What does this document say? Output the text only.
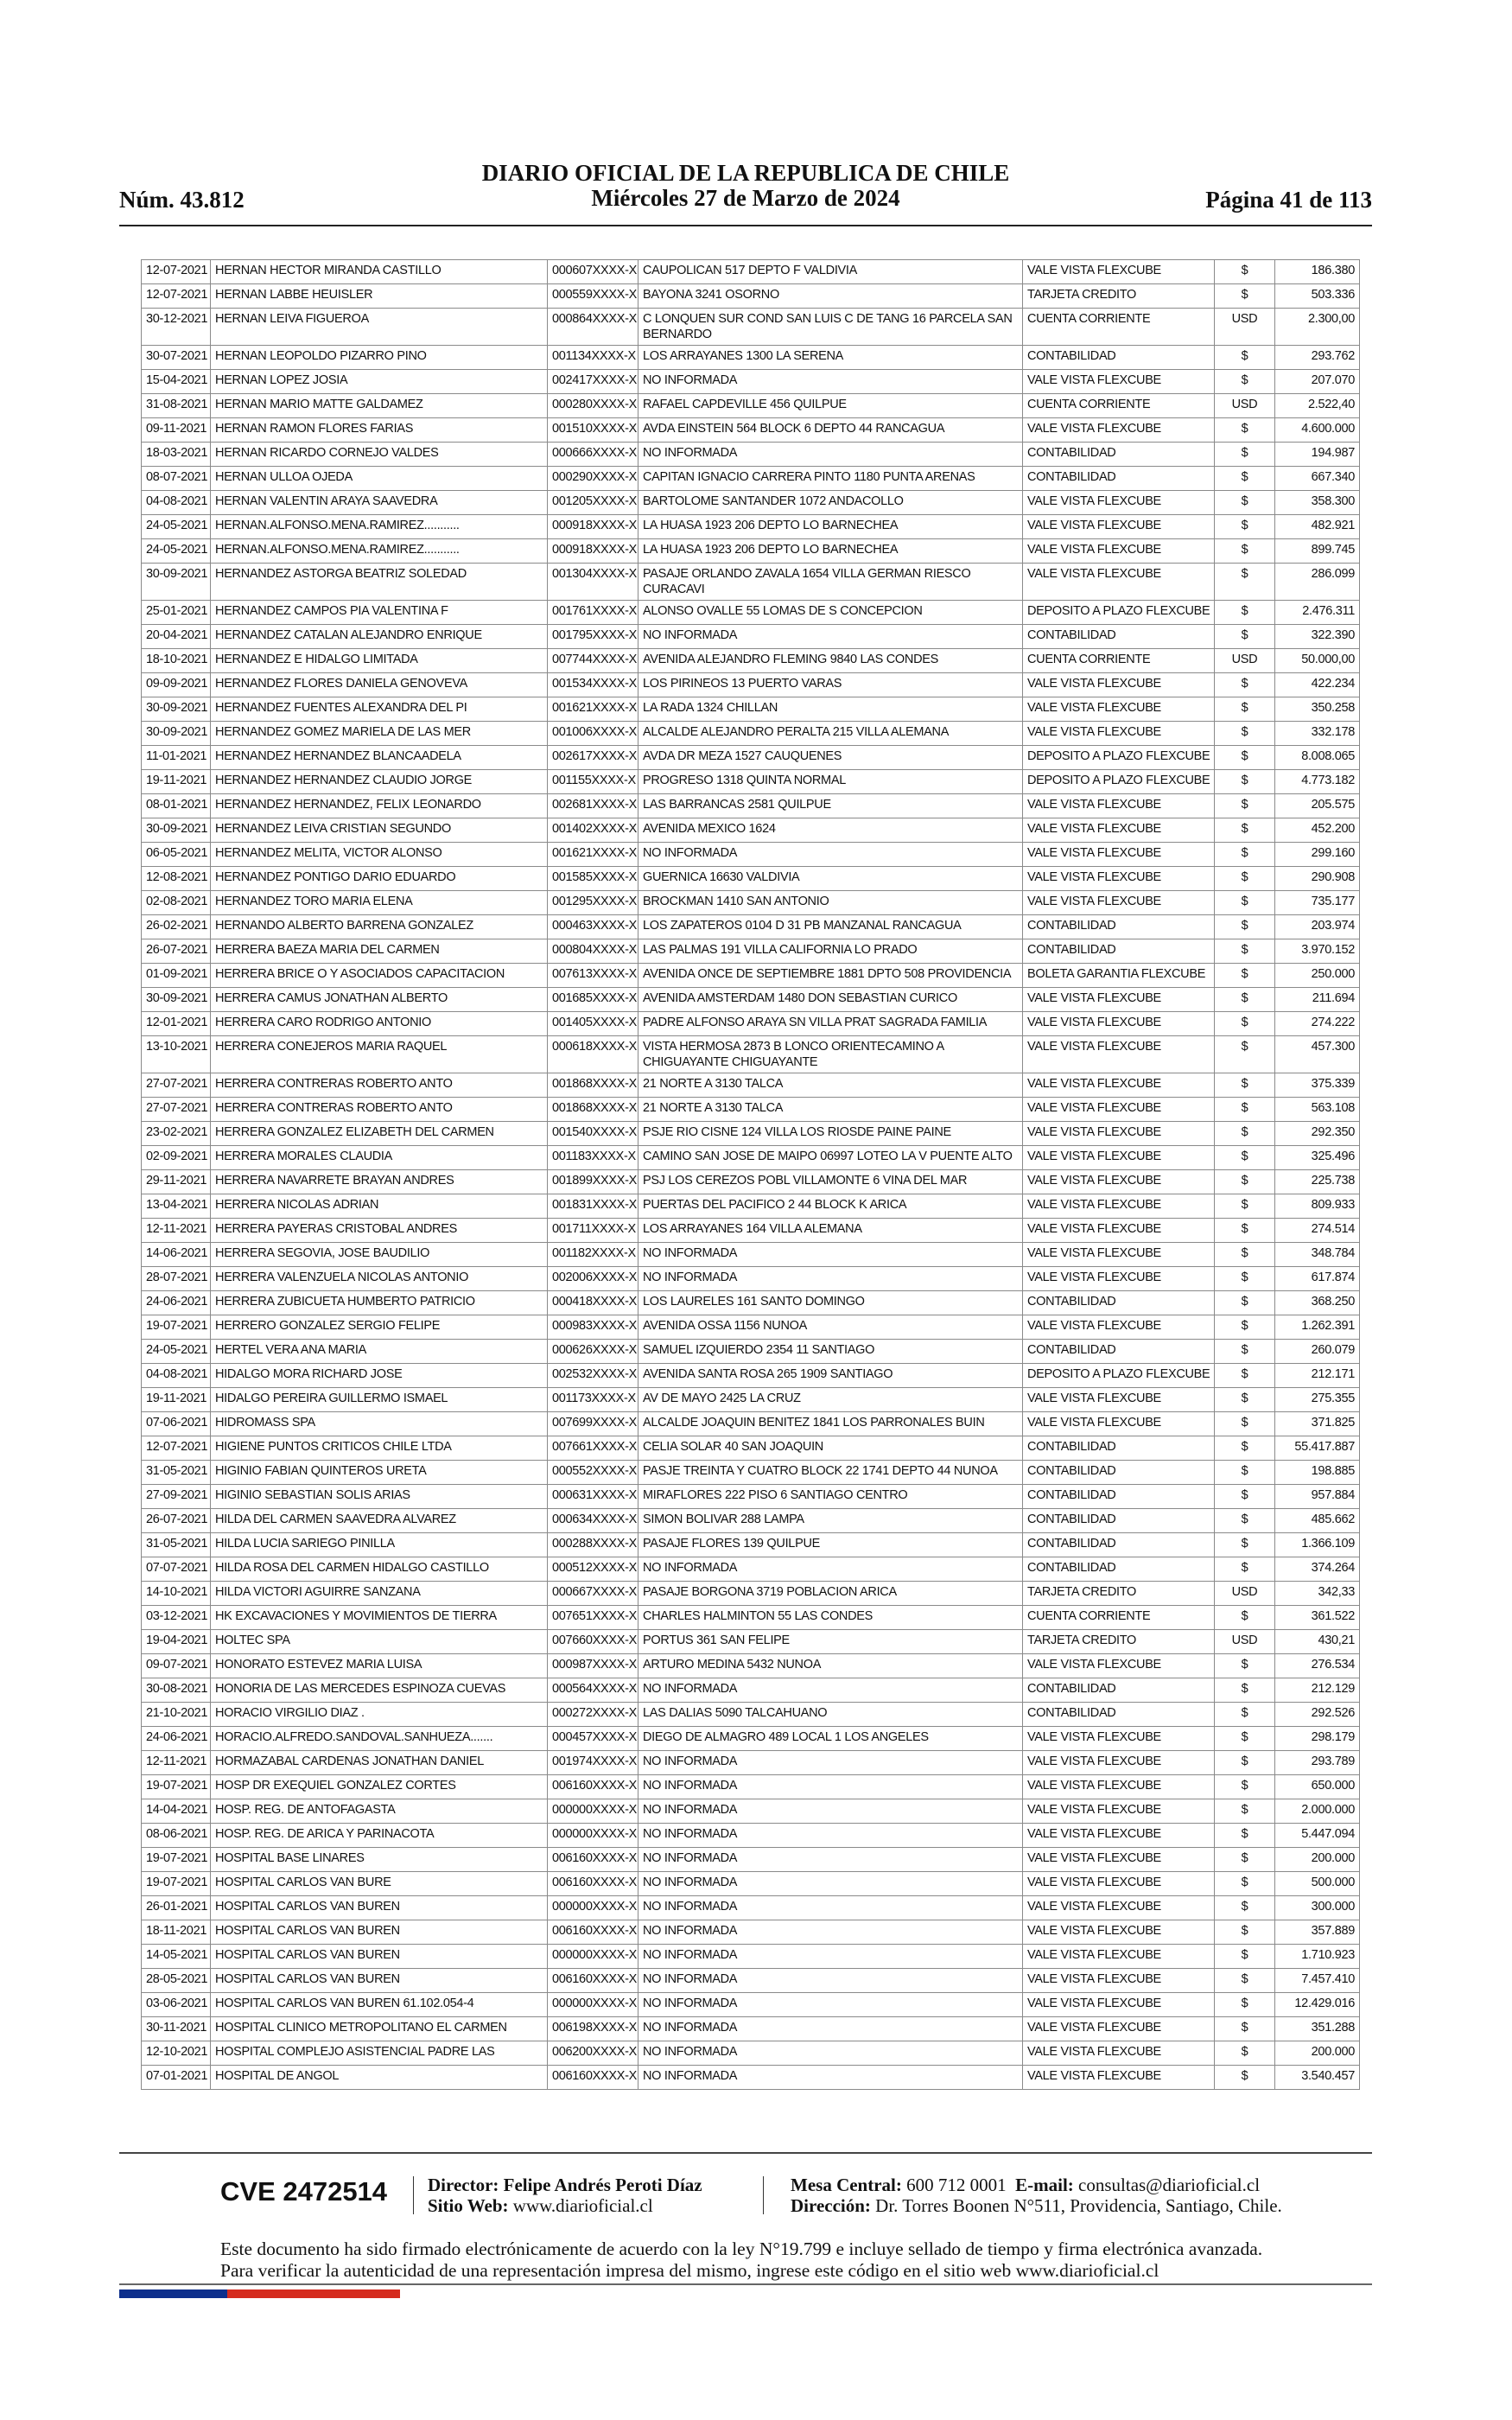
Núm. 43.812
DIARIO OFICIAL DE LA REPUBLICA DE CHILE
Miércoles 27 de Marzo de 2024	Página 41 de 113
12-07-2021	HERNAN HECTOR MIRANDA CASTILLO	000607XXXX-X	CAUPOLICAN 517 DEPTO F VALDIVIA	VALE VISTA FLEXCUBE	$	186.380
12-07-2021	HERNAN LABBE HEUISLER	000559XXXX-X	BAYONA 3241 OSORNO	TARJETA CREDITO	$	503.336
30-12-2021	HERNAN LEIVA FIGUEROA	000864XXXX-X	C LONQUEN SUR COND SAN LUIS C DE TANG 16 PARCELA SAN BERNARDO	CUENTA CORRIENTE	USD	2.300,00
30-07-2021	HERNAN LEOPOLDO PIZARRO PINO	001134XXXX-X	LOS ARRAYANES 1300 LA SERENA	CONTABILIDAD	$	293.762
15-04-2021	HERNAN LOPEZ JOSIA	002417XXXX-X	NO INFORMADA	VALE VISTA FLEXCUBE	$	207.070
31-08-2021	HERNAN MARIO MATTE GALDAMEZ	000280XXXX-X	RAFAEL CAPDEVILLE 456 QUILPUE	CUENTA CORRIENTE	USD	2.522,40
09-11-2021	HERNAN RAMON FLORES FARIAS	001510XXXX-X	AVDA EINSTEIN 564 BLOCK 6 DEPTO 44 RANCAGUA	VALE VISTA FLEXCUBE	$	4.600.000
18-03-2021	HERNAN RICARDO CORNEJO VALDES	000666XXXX-X	NO INFORMADA	CONTABILIDAD	$	194.987
08-07-2021	HERNAN ULLOA OJEDA	000290XXXX-X	CAPITAN IGNACIO CARRERA PINTO 1180 PUNTA ARENAS	CONTABILIDAD	$	667.340
04-08-2021	HERNAN VALENTIN ARAYA SAAVEDRA	001205XXXX-X	BARTOLOME SANTANDER 1072 ANDACOLLO	VALE VISTA FLEXCUBE	$	358.300
24-05-2021	HERNAN.ALFONSO.MENA.RAMIREZ...........	000918XXXX-X	LA HUASA 1923 206 DEPTO LO BARNECHEA	VALE VISTA FLEXCUBE	$	482.921
24-05-2021	HERNAN.ALFONSO.MENA.RAMIREZ...........	000918XXXX-X	LA HUASA 1923 206 DEPTO LO BARNECHEA	VALE VISTA FLEXCUBE	$	899.745
30-09-2021	HERNANDEZ ASTORGA BEATRIZ SOLEDAD	001304XXXX-X	PASAJE ORLANDO ZAVALA 1654 VILLA GERMAN RIESCO CURACAVI	VALE VISTA FLEXCUBE	$	286.099
25-01-2021	HERNANDEZ CAMPOS PIA VALENTINA F	001761XXXX-X	ALONSO OVALLE 55 LOMAS DE S CONCEPCION	DEPOSITO A PLAZO FLEXCUBE	$	2.476.311
20-04-2021	HERNANDEZ CATALAN ALEJANDRO ENRIQUE	001795XXXX-X	NO INFORMADA	CONTABILIDAD	$	322.390
18-10-2021	HERNANDEZ E HIDALGO LIMITADA	007744XXXX-X	AVENIDA ALEJANDRO FLEMING 9840 LAS CONDES	CUENTA CORRIENTE	USD	50.000,00
09-09-2021	HERNANDEZ FLORES DANIELA GENOVEVA	001534XXXX-X	LOS PIRINEOS 13 PUERTO VARAS	VALE VISTA FLEXCUBE	$	422.234
30-09-2021	HERNANDEZ FUENTES ALEXANDRA DEL PI	001621XXXX-X	LA RADA 1324 CHILLAN	VALE VISTA FLEXCUBE	$	350.258
30-09-2021	HERNANDEZ GOMEZ MARIELA DE LAS MER	001006XXXX-X	ALCALDE ALEJANDRO PERALTA 215 VILLA ALEMANA	VALE VISTA FLEXCUBE	$	332.178
11-01-2021	HERNANDEZ HERNANDEZ BLANCAADELA	002617XXXX-X	AVDA DR MEZA 1527 CAUQUENES	DEPOSITO A PLAZO FLEXCUBE	$	8.008.065
19-11-2021	HERNANDEZ HERNANDEZ CLAUDIO JORGE	001155XXXX-X	PROGRESO 1318 QUINTA NORMAL	DEPOSITO A PLAZO FLEXCUBE	$	4.773.182
08-01-2021	HERNANDEZ HERNANDEZ, FELIX LEONARDO	002681XXXX-X	LAS BARRANCAS 2581 QUILPUE	VALE VISTA FLEXCUBE	$	205.575
30-09-2021	HERNANDEZ LEIVA CRISTIAN SEGUNDO	001402XXXX-X	AVENIDA MEXICO 1624	VALE VISTA FLEXCUBE	$	452.200
06-05-2021	HERNANDEZ MELITA, VICTOR ALONSO	001621XXXX-X	NO INFORMADA	VALE VISTA FLEXCUBE	$	299.160
12-08-2021	HERNANDEZ PONTIGO DARIO EDUARDO	001585XXXX-X	GUERNICA 16630 VALDIVIA	VALE VISTA FLEXCUBE	$	290.908
02-08-2021	HERNANDEZ TORO MARIA ELENA	001295XXXX-X	BROCKMAN 1410 SAN ANTONIO	VALE VISTA FLEXCUBE	$	735.177
26-02-2021	HERNANDO ALBERTO BARRENA GONZALEZ	000463XXXX-X	LOS ZAPATEROS 0104 D 31 PB MANZANAL RANCAGUA	CONTABILIDAD	$	203.974
26-07-2021	HERRERA BAEZA MARIA DEL CARMEN	000804XXXX-X	LAS PALMAS 191 VILLA CALIFORNIA LO PRADO	CONTABILIDAD	$	3.970.152
01-09-2021	HERRERA BRICE O Y ASOCIADOS CAPACITACION	007613XXXX-X	AVENIDA ONCE DE SEPTIEMBRE 1881 DPTO 508 PROVIDENCIA	BOLETA GARANTIA FLEXCUBE	$	250.000
30-09-2021	HERRERA CAMUS JONATHAN ALBERTO	001685XXXX-X	AVENIDA AMSTERDAM 1480 DON SEBASTIAN CURICO	VALE VISTA FLEXCUBE	$	211.694
12-01-2021	HERRERA CARO RODRIGO ANTONIO	001405XXXX-X	PADRE ALFONSO ARAYA SN VILLA PRAT SAGRADA FAMILIA	VALE VISTA FLEXCUBE	$	274.222
13-10-2021	HERRERA CONEJEROS MARIA RAQUEL	000618XXXX-X	VISTA HERMOSA 2873 B LONCO ORIENTECAMINO A CHIGUAYANTE CHIGUAYANTE	VALE VISTA FLEXCUBE	$	457.300
27-07-2021	HERRERA CONTRERAS ROBERTO ANTO	001868XXXX-X	21 NORTE A 3130 TALCA	VALE VISTA FLEXCUBE	$	375.339
27-07-2021	HERRERA CONTRERAS ROBERTO ANTO	001868XXXX-X	21 NORTE A 3130 TALCA	VALE VISTA FLEXCUBE	$	563.108
23-02-2021	HERRERA GONZALEZ ELIZABETH DEL CARMEN	001540XXXX-X	PSJE RIO CISNE 124 VILLA LOS RIOSDE PAINE PAINE	VALE VISTA FLEXCUBE	$	292.350
02-09-2021	HERRERA MORALES CLAUDIA	001183XXXX-X	CAMINO SAN JOSE DE MAIPO 06997 LOTEO LA V PUENTE ALTO	VALE VISTA FLEXCUBE	$	325.496
29-11-2021	HERRERA NAVARRETE BRAYAN ANDRES	001899XXXX-X	PSJ LOS CEREZOS POBL VILLAMONTE 6 VINA DEL MAR	VALE VISTA FLEXCUBE	$	225.738
13-04-2021	HERRERA NICOLAS ADRIAN	001831XXXX-X	PUERTAS DEL PACIFICO 2 44 BLOCK K ARICA	VALE VISTA FLEXCUBE	$	809.933
12-11-2021	HERRERA PAYERAS CRISTOBAL ANDRES	001711XXXX-X	LOS ARRAYANES 164 VILLA ALEMANA	VALE VISTA FLEXCUBE	$	274.514
14-06-2021	HERRERA SEGOVIA, JOSE BAUDILIO	001182XXXX-X	NO INFORMADA	VALE VISTA FLEXCUBE	$	348.784
28-07-2021	HERRERA VALENZUELA NICOLAS ANTONIO	002006XXXX-X	NO INFORMADA	VALE VISTA FLEXCUBE	$	617.874
24-06-2021	HERRERA ZUBICUETA HUMBERTO PATRICIO	000418XXXX-X	LOS LAURELES 161 SANTO DOMINGO	CONTABILIDAD	$	368.250
19-07-2021	HERRERO GONZALEZ SERGIO FELIPE	000983XXXX-X	AVENIDA OSSA 1156 NUNOA	VALE VISTA FLEXCUBE	$	1.262.391
24-05-2021	HERTEL VERA ANA MARIA	000626XXXX-X	SAMUEL IZQUIERDO 2354 11 SANTIAGO	CONTABILIDAD	$	260.079
04-08-2021	HIDALGO MORA RICHARD JOSE	002532XXXX-X	AVENIDA SANTA ROSA 265 1909 SANTIAGO	DEPOSITO A PLAZO FLEXCUBE	$	212.171
19-11-2021	HIDALGO PEREIRA GUILLERMO ISMAEL	001173XXXX-X	AV DE MAYO 2425 LA CRUZ	VALE VISTA FLEXCUBE	$	275.355
07-06-2021	HIDROMASS SPA	007699XXXX-X	ALCALDE JOAQUIN BENITEZ 1841 LOS PARRONALES BUIN	VALE VISTA FLEXCUBE	$	371.825
12-07-2021	HIGIENE PUNTOS CRITICOS CHILE LTDA	007661XXXX-X	CELIA SOLAR 40 SAN JOAQUIN	CONTABILIDAD	$	55.417.887
31-05-2021	HIGINIO FABIAN QUINTEROS URETA	000552XXXX-X	PASJE TREINTA Y CUATRO BLOCK 22 1741 DEPTO 44 NUNOA	CONTABILIDAD	$	198.885
27-09-2021	HIGINIO SEBASTIAN SOLIS ARIAS	000631XXXX-X	MIRAFLORES 222 PISO 6 SANTIAGO CENTRO	CONTABILIDAD	$	957.884
26-07-2021	HILDA DEL CARMEN SAAVEDRA ALVAREZ	000634XXXX-X	SIMON BOLIVAR 288 LAMPA	CONTABILIDAD	$	485.662
31-05-2021	HILDA LUCIA SARIEGO PINILLA	000288XXXX-X	PASAJE FLORES 139 QUILPUE	CONTABILIDAD	$	1.366.109
07-07-2021	HILDA ROSA DEL CARMEN HIDALGO CASTILLO	000512XXXX-X	NO INFORMADA	CONTABILIDAD	$	374.264
14-10-2021	HILDA VICTORI AGUIRRE SANZANA	000667XXXX-X	PASAJE BORGONA 3719 POBLACION ARICA	TARJETA CREDITO	USD	342,33
03-12-2021	HK EXCAVACIONES Y MOVIMIENTOS DE TIERRA	007651XXXX-X	CHARLES HALMINTON 55 LAS CONDES	CUENTA CORRIENTE	$	361.522
19-04-2021	HOLTEC SPA	007660XXXX-X	PORTUS 361 SAN FELIPE	TARJETA CREDITO	USD	430,21
09-07-2021	HONORATO ESTEVEZ MARIA LUISA	000987XXXX-X	ARTURO MEDINA 5432 NUNOA	VALE VISTA FLEXCUBE	$	276.534
30-08-2021	HONORIA DE LAS MERCEDES ESPINOZA CUEVAS	000564XXXX-X	NO INFORMADA	CONTABILIDAD	$	212.129
21-10-2021	HORACIO VIRGILIO DIAZ .	000272XXXX-X	LAS DALIAS 5090 TALCAHUANO	CONTABILIDAD	$	292.526
24-06-2021	HORACIO.ALFREDO.SANDOVAL.SANHUEZA.......	000457XXXX-X	DIEGO DE ALMAGRO 489 LOCAL 1 LOS ANGELES	VALE VISTA FLEXCUBE	$	298.179
12-11-2021	HORMAZABAL CARDENAS JONATHAN DANIEL	001974XXXX-X	NO INFORMADA	VALE VISTA FLEXCUBE	$	293.789
19-07-2021	HOSP DR EXEQUIEL GONZALEZ CORTES	006160XXXX-X	NO INFORMADA	VALE VISTA FLEXCUBE	$	650.000
14-04-2021	HOSP. REG. DE ANTOFAGASTA	000000XXXX-X	NO INFORMADA	VALE VISTA FLEXCUBE	$	2.000.000
08-06-2021	HOSP. REG. DE ARICA Y PARINACOTA	000000XXXX-X	NO INFORMADA	VALE VISTA FLEXCUBE	$	5.447.094
19-07-2021	HOSPITAL BASE LINARES	006160XXXX-X	NO INFORMADA	VALE VISTA FLEXCUBE	$	200.000
19-07-2021	HOSPITAL CARLOS VAN BURE	006160XXXX-X	NO INFORMADA	VALE VISTA FLEXCUBE	$	500.000
26-01-2021	HOSPITAL CARLOS VAN BUREN	000000XXXX-X	NO INFORMADA	VALE VISTA FLEXCUBE	$	300.000
18-11-2021	HOSPITAL CARLOS VAN BUREN	006160XXXX-X	NO INFORMADA	VALE VISTA FLEXCUBE	$	357.889
14-05-2021	HOSPITAL CARLOS VAN BUREN	000000XXXX-X	NO INFORMADA	VALE VISTA FLEXCUBE	$	1.710.923
28-05-2021	HOSPITAL CARLOS VAN BUREN	006160XXXX-X	NO INFORMADA	VALE VISTA FLEXCUBE	$	7.457.410
03-06-2021	HOSPITAL CARLOS VAN BUREN 61.102.054-4	000000XXXX-X	NO INFORMADA	VALE VISTA FLEXCUBE	$	12.429.016
30-11-2021	HOSPITAL CLINICO METROPOLITANO EL CARMEN	006198XXXX-X	NO INFORMADA	VALE VISTA FLEXCUBE	$	351.288
12-10-2021	HOSPITAL COMPLEJO ASISTENCIAL PADRE LAS	006200XXXX-X	NO INFORMADA	VALE VISTA FLEXCUBE	$	200.000
07-01-2021	HOSPITAL DE ANGOL	006160XXXX-X	NO INFORMADA	VALE VISTA FLEXCUBE	$	3.540.457
CVE 2472514 Director: Felipe Andrés Peroti Díaz
Sitio Web: www.diarioficial.cl
Mesa Central: 600 712 0001 E-mail: consultas@diarioficial.cl
Dirección: Dr. Torres Boonen N°511, Providencia, Santiago, Chile.
Este documento ha sido firmado electrónicamente de acuerdo con la ley N°19.799 e incluye sellado de tiempo y firma electrónica avanzada. Para verificar la autenticidad de una representación impresa del mismo, ingrese este código en el sitio web www.diarioficial.cl
